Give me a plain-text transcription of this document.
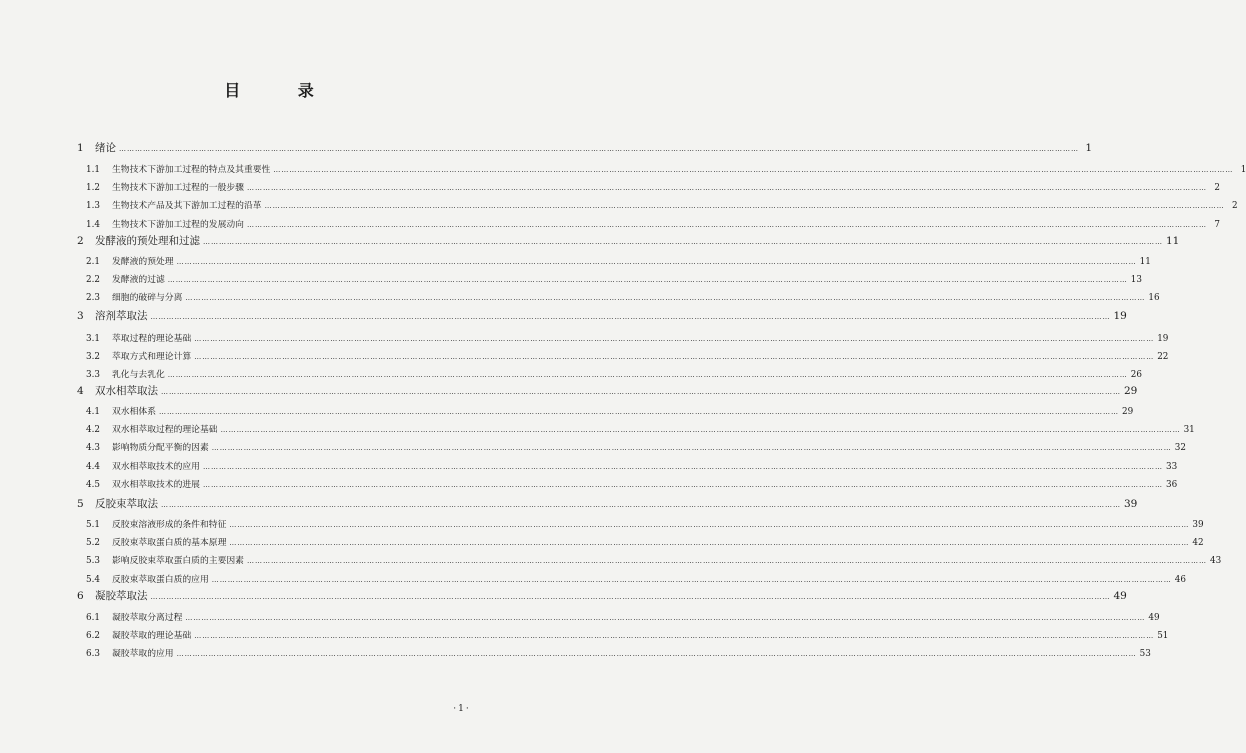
目 录
1	绪论 ……………………………………………………………………………………………………………………………………………………………………………………………………………………………………………………………………………………………………………………………… 1
1.1	生物技术下游加工过程的特点及其重要性 ……………………………………………………………………………………………………………………………………………………………………………………………………………………………………………………………………………………………………………………………… 1
1.2	生物技术下游加工过程的一般步骤 ……………………………………………………………………………………………………………………………………………………………………………………………………………………………………………………………………………………………………………………………… 2
1.3	生物技术产品及其下游加工过程的沿革 ……………………………………………………………………………………………………………………………………………………………………………………………………………………………………………………………………………………………………………………………… 2
1.4	生物技术下游加工过程的发展动向 ……………………………………………………………………………………………………………………………………………………………………………………………………………………………………………………………………………………………………………………………… 7
2	发酵液的预处理和过滤 ……………………………………………………………………………………………………………………………………………………………………………………………………………………………………………………………………………………………………………………………… 11
2.1	发酵液的预处理 ……………………………………………………………………………………………………………………………………………………………………………………………………………………………………………………………………………………………………………………………… 11
2.2	发酵液的过滤 ……………………………………………………………………………………………………………………………………………………………………………………………………………………………………………………………………………………………………………………………… 13
2.3	细胞的破碎与分离 ……………………………………………………………………………………………………………………………………………………………………………………………………………………………………………………………………………………………………………………………… 16
3	溶剂萃取法 ……………………………………………………………………………………………………………………………………………………………………………………………………………………………………………………………………………………………………………………………… 19
3.1	萃取过程的理论基础 ……………………………………………………………………………………………………………………………………………………………………………………………………………………………………………………………………………………………………………………………… 19
3.2	萃取方式和理论计算 ……………………………………………………………………………………………………………………………………………………………………………………………………………………………………………………………………………………………………………………………… 22
3.3	乳化与去乳化 ……………………………………………………………………………………………………………………………………………………………………………………………………………………………………………………………………………………………………………………………… 26
4	双水相萃取法 ……………………………………………………………………………………………………………………………………………………………………………………………………………………………………………………………………………………………………………………………… 29
4.1	双水相体系 ……………………………………………………………………………………………………………………………………………………………………………………………………………………………………………………………………………………………………………………………… 29
4.2	双水相萃取过程的理论基础 ……………………………………………………………………………………………………………………………………………………………………………………………………………………………………………………………………………………………………………………………… 31
4.3	影响物质分配平衡的因素 ……………………………………………………………………………………………………………………………………………………………………………………………………………………………………………………………………………………………………………………………… 32
4.4	双水相萃取技术的应用 ……………………………………………………………………………………………………………………………………………………………………………………………………………………………………………………………………………………………………………………………… 33
4.5	双水相萃取技术的进展 ……………………………………………………………………………………………………………………………………………………………………………………………………………………………………………………………………………………………………………………………… 36
5	反胶束萃取法 ……………………………………………………………………………………………………………………………………………………………………………………………………………………………………………………………………………………………………………………………… 39
5.1	反胶束溶液形成的条件和特征 ……………………………………………………………………………………………………………………………………………………………………………………………………………………………………………………………………………………………………………………………… 39
5.2	反胶束萃取蛋白质的基本原理 ……………………………………………………………………………………………………………………………………………………………………………………………………………………………………………………………………………………………………………………………… 42
5.3	影响反胶束萃取蛋白质的主要因素 ……………………………………………………………………………………………………………………………………………………………………………………………………………………………………………………………………………………………………………………………… 43
5.4	反胶束萃取蛋白质的应用 ……………………………………………………………………………………………………………………………………………………………………………………………………………………………………………………………………………………………………………………………… 46
6	凝胶萃取法 ……………………………………………………………………………………………………………………………………………………………………………………………………………………………………………………………………………………………………………………………… 49
6.1	凝胶萃取分离过程 ……………………………………………………………………………………………………………………………………………………………………………………………………………………………………………………………………………………………………………………………… 49
6.2	凝胶萃取的理论基础 ……………………………………………………………………………………………………………………………………………………………………………………………………………………………………………………………………………………………………………………………… 51
6.3	凝胶萃取的应用 ……………………………………………………………………………………………………………………………………………………………………………………………………………………………………………………………………………………………………………………………… 53
·1·
